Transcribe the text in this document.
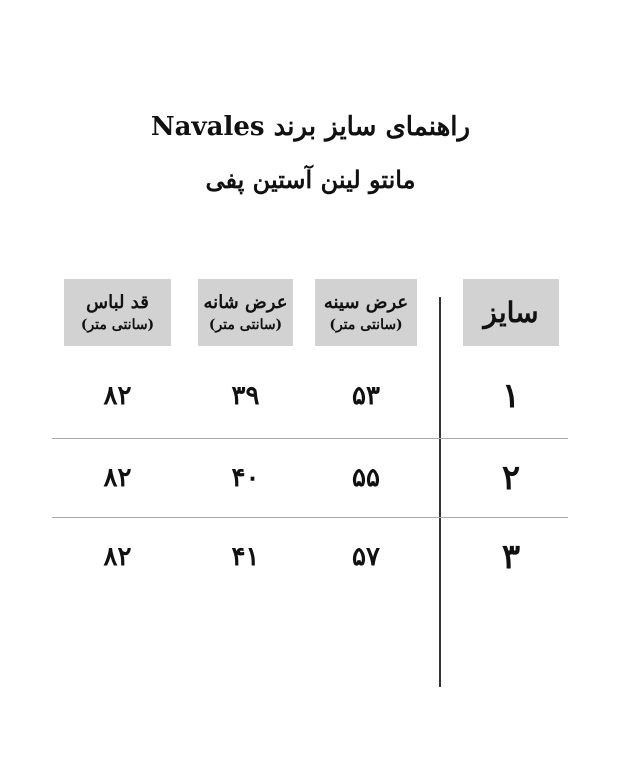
راهنمای سایز برند Navales
مانتو لینن آستین پفی
سایز
عرض سینه
(سانتی متر)
عرض شانه
(سانتی متر)
قد لباس
(سانتی متر)
۱
۵۳
۳۹
۸۲
۲
۵۵
۴۰
۸۲
۳
۵۷
۴۱
۸۲
